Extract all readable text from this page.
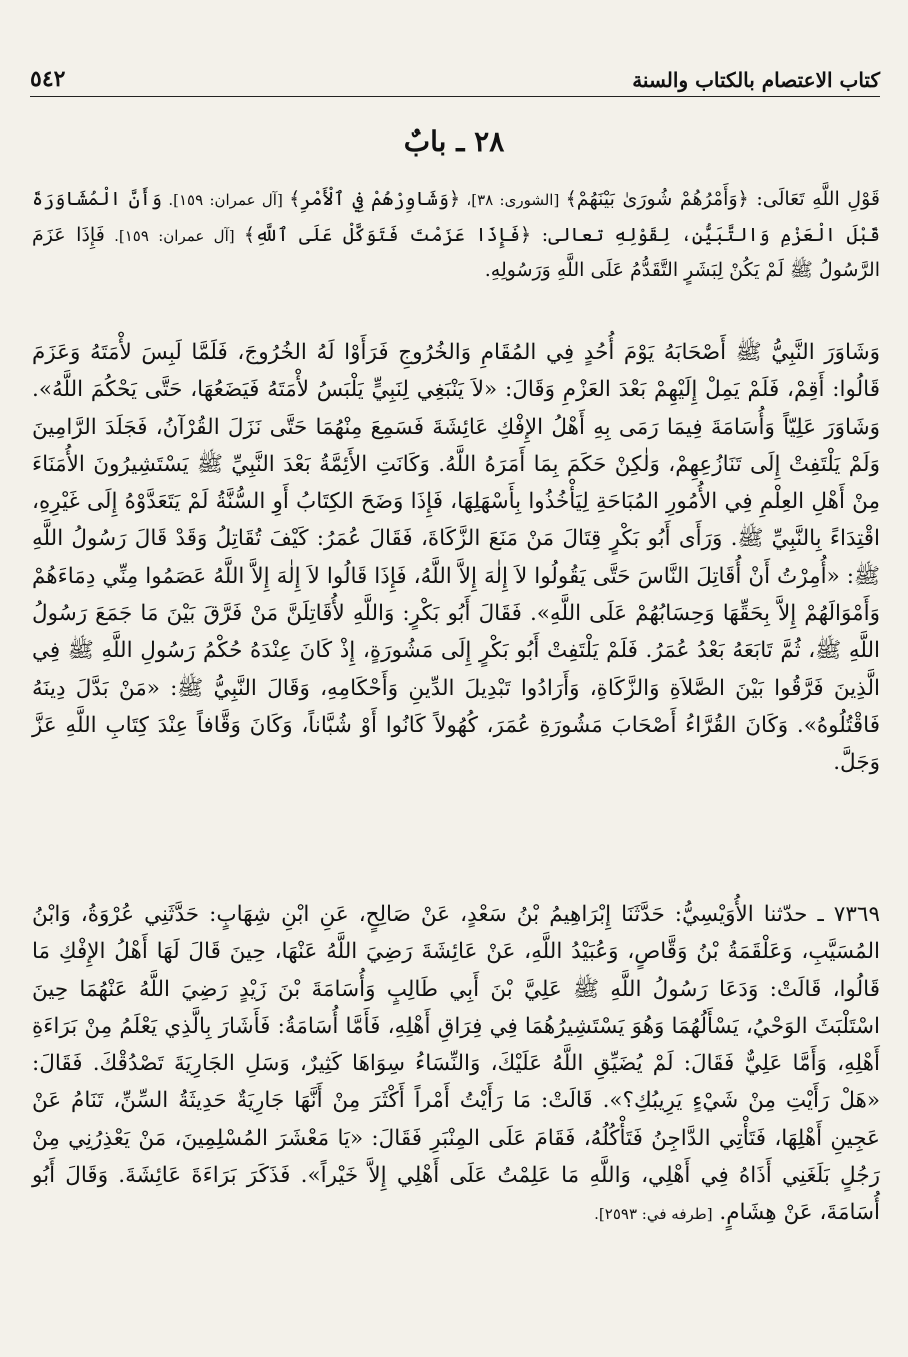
كتاب الاعتصام بالكتاب والسنة
٥٤٢
٢٨ ـ بابٌ

قَوْلِ اللَّهِ تَعَالَى: ﴿وَأَمْرُهُمْ شُورَىٰ بَيْنَهُمْ﴾ [الشورى: ٣٨]، ﴿وَشَاوِرْهُمْ فِي ٱلْأَمْرِ﴾ [آل عمران: ١٥٩]. وَأَنَّ الْمُشَاوَرَةَ قَبْلَ الْعَزْمِ وَالتَّبَيُّنِ، لِقَوْلِهِ تعالى: ﴿فَإِذَا عَزَمْتَ فَتَوَكَّلْ عَلَى ٱللَّهِ﴾ [آل عمران: ١٥٩]. فَإِذَا عَزَمَ الرَّسُولُ ﷺ لَمْ يَكُنْ لِبَشَرٍ التَّقَدُّمُ عَلَى اللَّهِ وَرَسُولِهِ.

وَشَاوَرَ النَّبِيُّ ﷺ أَصْحَابَهُ يَوْمَ أُحُدٍ فِي المُقَامِ وَالخُرُوجِ فَرَأَوْا لَهُ الخُرُوجَ، فَلَمَّا لَبِسَ لأْمَتَهُ وَعَزَمَ قَالُوا: أَقِمْ، فَلَمْ يَمِلْ إِلَيْهِمْ بَعْدَ العَزْمِ وَقَالَ: «لاَ يَنْبَغِي لِنَبِيٍّ يَلْبَسُ لأْمَتَهُ فَيَضَعُهَا، حَتَّى يَحْكُمَ اللَّهُ». وَشَاوَرَ عَلِيّاً وَأُسَامَةَ فِيمَا رَمَى بِهِ أَهْلُ الإِفْكِ عَائِشَةَ فَسَمِعَ مِنْهُمَا حَتَّى نَزَلَ القُرْآنُ، فَجَلَدَ الرَّامِينَ وَلَمْ يَلْتَفِتْ إِلَى تَنَازُعِهِمْ، وَلٰكِنْ حَكَمَ بِمَا أَمَرَهُ اللَّهُ. وَكَانَتِ الأَئِمَّةُ بَعْدَ النَّبِيِّ ﷺ يَسْتَشِيرُونَ الأُمَنَاءَ مِنْ أَهْلِ العِلْمِ فِي الأُمُورِ المُبَاحَةِ لِيَأْخُذُوا بِأَسْهَلِهَا، فَإِذَا وَضَحَ الكِتَابُ أَوِ السُّنَّةُ لَمْ يَتَعَدَّوْهُ إِلَى غَيْرِهِ، اقْتِدَاءً بِالنَّبِيِّ ﷺ. وَرَأَى أَبُو بَكْرٍ قِتَالَ مَنْ مَنَعَ الزَّكَاةَ، فَقَالَ عُمَرُ: كَيْفَ تُقَاتِلُ وَقَدْ قَالَ رَسُولُ اللَّهِ ﷺ: «أُمِرْتُ أَنْ أُقَاتِلَ النَّاسَ حَتَّى يَقُولُوا لاَ إِلٰهَ إِلاَّ اللَّهُ، فَإِذَا قَالُوا لاَ إِلٰهَ إِلاَّ اللَّهُ عَصَمُوا مِنِّي دِمَاءَهُمْ وَأَمْوَالَهُمْ إِلاَّ بِحَقِّهَا وَحِسَابُهُمْ عَلَى اللَّهِ». فَقَالَ أَبُو بَكْرٍ: وَاللَّهِ لأُقَاتِلَنَّ مَنْ فَرَّقَ بَيْنَ مَا جَمَعَ رَسُولُ اللَّهِ ﷺ، ثُمَّ تَابَعَهُ بَعْدُ عُمَرُ. فَلَمْ يَلْتَفِتْ أَبُو بَكْرٍ إِلَى مَشُورَةٍ، إِذْ كَانَ عِنْدَهُ حُكْمُ رَسُولِ اللَّهِ ﷺ فِي الَّذِينَ فَرَّقُوا بَيْنَ الصَّلاَةِ وَالزَّكَاةِ، وَأَرَادُوا تَبْدِيلَ الدِّينِ وَأَحْكَامِهِ، وَقَالَ النَّبِيُّ ﷺ: «مَنْ بَدَّلَ دِينَهُ فَاقْتُلُوهُ». وَكَانَ القُرَّاءُ أَصْحَابَ مَشُورَةِ عُمَرَ، كُهُولاً كَانُوا أَوْ شُبَّاناً، وَكَانَ وَقَّافاً عِنْدَ كِتَابِ اللَّهِ عَزَّ وَجَلَّ.

٧٣٦٩ ـ حدّثنا الأُوَيْسِيُّ: حَدَّثَنَا إِبْرَاهِيمُ بْنُ سَعْدٍ، عَنْ صَالِحٍ، عَنِ ابْنِ شِهَابٍ: حَدَّثَنِي عُرْوَةُ، وَابْنُ المُسَيَّبِ، وَعَلْقَمَةُ بْنُ وَقَّاصٍ، وَعُبَيْدُ اللَّهِ، عَنْ عَائِشَةَ رَضِيَ اللَّهُ عَنْهَا، حِينَ قَالَ لَهَا أَهْلُ الإِفْكِ مَا قَالُوا، قَالَتْ: وَدَعَا رَسُولُ اللَّهِ ﷺ عَلِيَّ بْنَ أَبِي طَالِبٍ وَأُسَامَةَ بْنَ زَيْدٍ رَضِيَ اللَّهُ عَنْهُمَا حِينَ اسْتَلْبَثَ الوَحْيُ، يَسْأَلُهُمَا وَهُوَ يَسْتَشِيرُهُمَا فِي فِرَاقِ أَهْلِهِ، فَأَمَّا أُسَامَةُ: فَأَشَارَ بِالَّذِي يَعْلَمُ مِنْ بَرَاءَةِ أَهْلِهِ، وَأَمَّا عَلِيٌّ فَقَالَ: لَمْ يُضَيِّقِ اللَّهُ عَلَيْكَ، وَالنِّسَاءُ سِوَاهَا كَثِيرٌ، وَسَلِ الجَارِيَةَ تَصْدُقْكَ. فَقَالَ: «هَلْ رَأَيْتِ مِنْ شَيْءٍ يَرِيبُكِ؟». قَالَتْ: مَا رَأَيْتُ أَمْراً أَكْثَرَ مِنْ أَنَّهَا جَارِيَةٌ حَدِيثَةُ السِّنِّ، تَنَامُ عَنْ عَجِينِ أَهْلِهَا، فَتَأْتِي الدَّاجِنُ فَتَأْكُلُهُ، فَقَامَ عَلَى المِنْبَرِ فَقَالَ: «يَا مَعْشَرَ المُسْلِمِينَ، مَنْ يَعْذِرُنِي مِنْ رَجُلٍ بَلَغَنِي أَذَاهُ فِي أَهْلِي، وَاللَّهِ مَا عَلِمْتُ عَلَى أَهْلِي إِلاَّ خَيْراً». فَذَكَرَ بَرَاءَةَ عَائِشَةَ. وَقَالَ أَبُو أُسَامَةَ، عَنْ هِشَامٍ. [طرفه في: ٢٥٩٣].
